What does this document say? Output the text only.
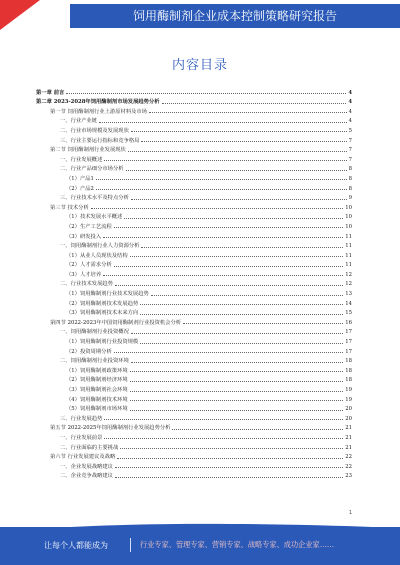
饲用酶制剂企业成本控制策略研究报告
内容目录
第一章 前言	4
第二章 2023-2028年饲用酶制剂市场发展趋势分析	4
第一节 饲用酶制剂行业上游原材料及市场	4
一、行业产业链	4
二、行业市场规模及发展现状	5
三、行业主要运行指标和竞争格局	7
第二节 饲用酶制剂行业发展现状	7
一、行业发展概述	7
二、行业产品细分市场分析	8
（1）产品1	8
（2）产品2	8
三、行业技术水平及特点分析	9
第三节 技术分析	10
（1）技术发展水平概述	10
（2）生产工艺流程	10
（3）研发投入	11
一、饲用酶制剂行业人力资源分析	11
（1）从业人员现状及结构	11
（2）人才需求分析	11
（3）人才培养	12
二、行业技术发展趋势	12
（1）饲用酶制剂行业技术发展趋势	13
（2）饲用酶制剂技术发展趋势	14
（3）饲用酶制剂技术未来方向	15
第四节 2022-2023年中国饲用酶制剂行业投资机会分析	16
一、饲用酶制剂行业投资概况	17
（1）饲用酶制剂行业投资规模	17
（2）投资周期分析	17
二、饲用酶制剂行业投资环境	18
（1）饲用酶制剂政策环境	18
（2）饲用酶制剂经济环境	18
（3）饲用酶制剂社会环境	19
（4）饲用酶制剂技术环境	19
（5）饲用酶制剂市场环境	20
三、行业发展趋势	20
第五节 2022-2025年饲用酶制剂行业发展趋势分析	21
一、行业发展前景	21
二、行业面临的主要挑战	21
第六节 行业发展建议及战略	22
一、企业发展战略建议	22
二、企业竞争战略建议	23
1
让每个人都能成为	行业专家、管理专家、营销专家、战略专家、成功企业家……
